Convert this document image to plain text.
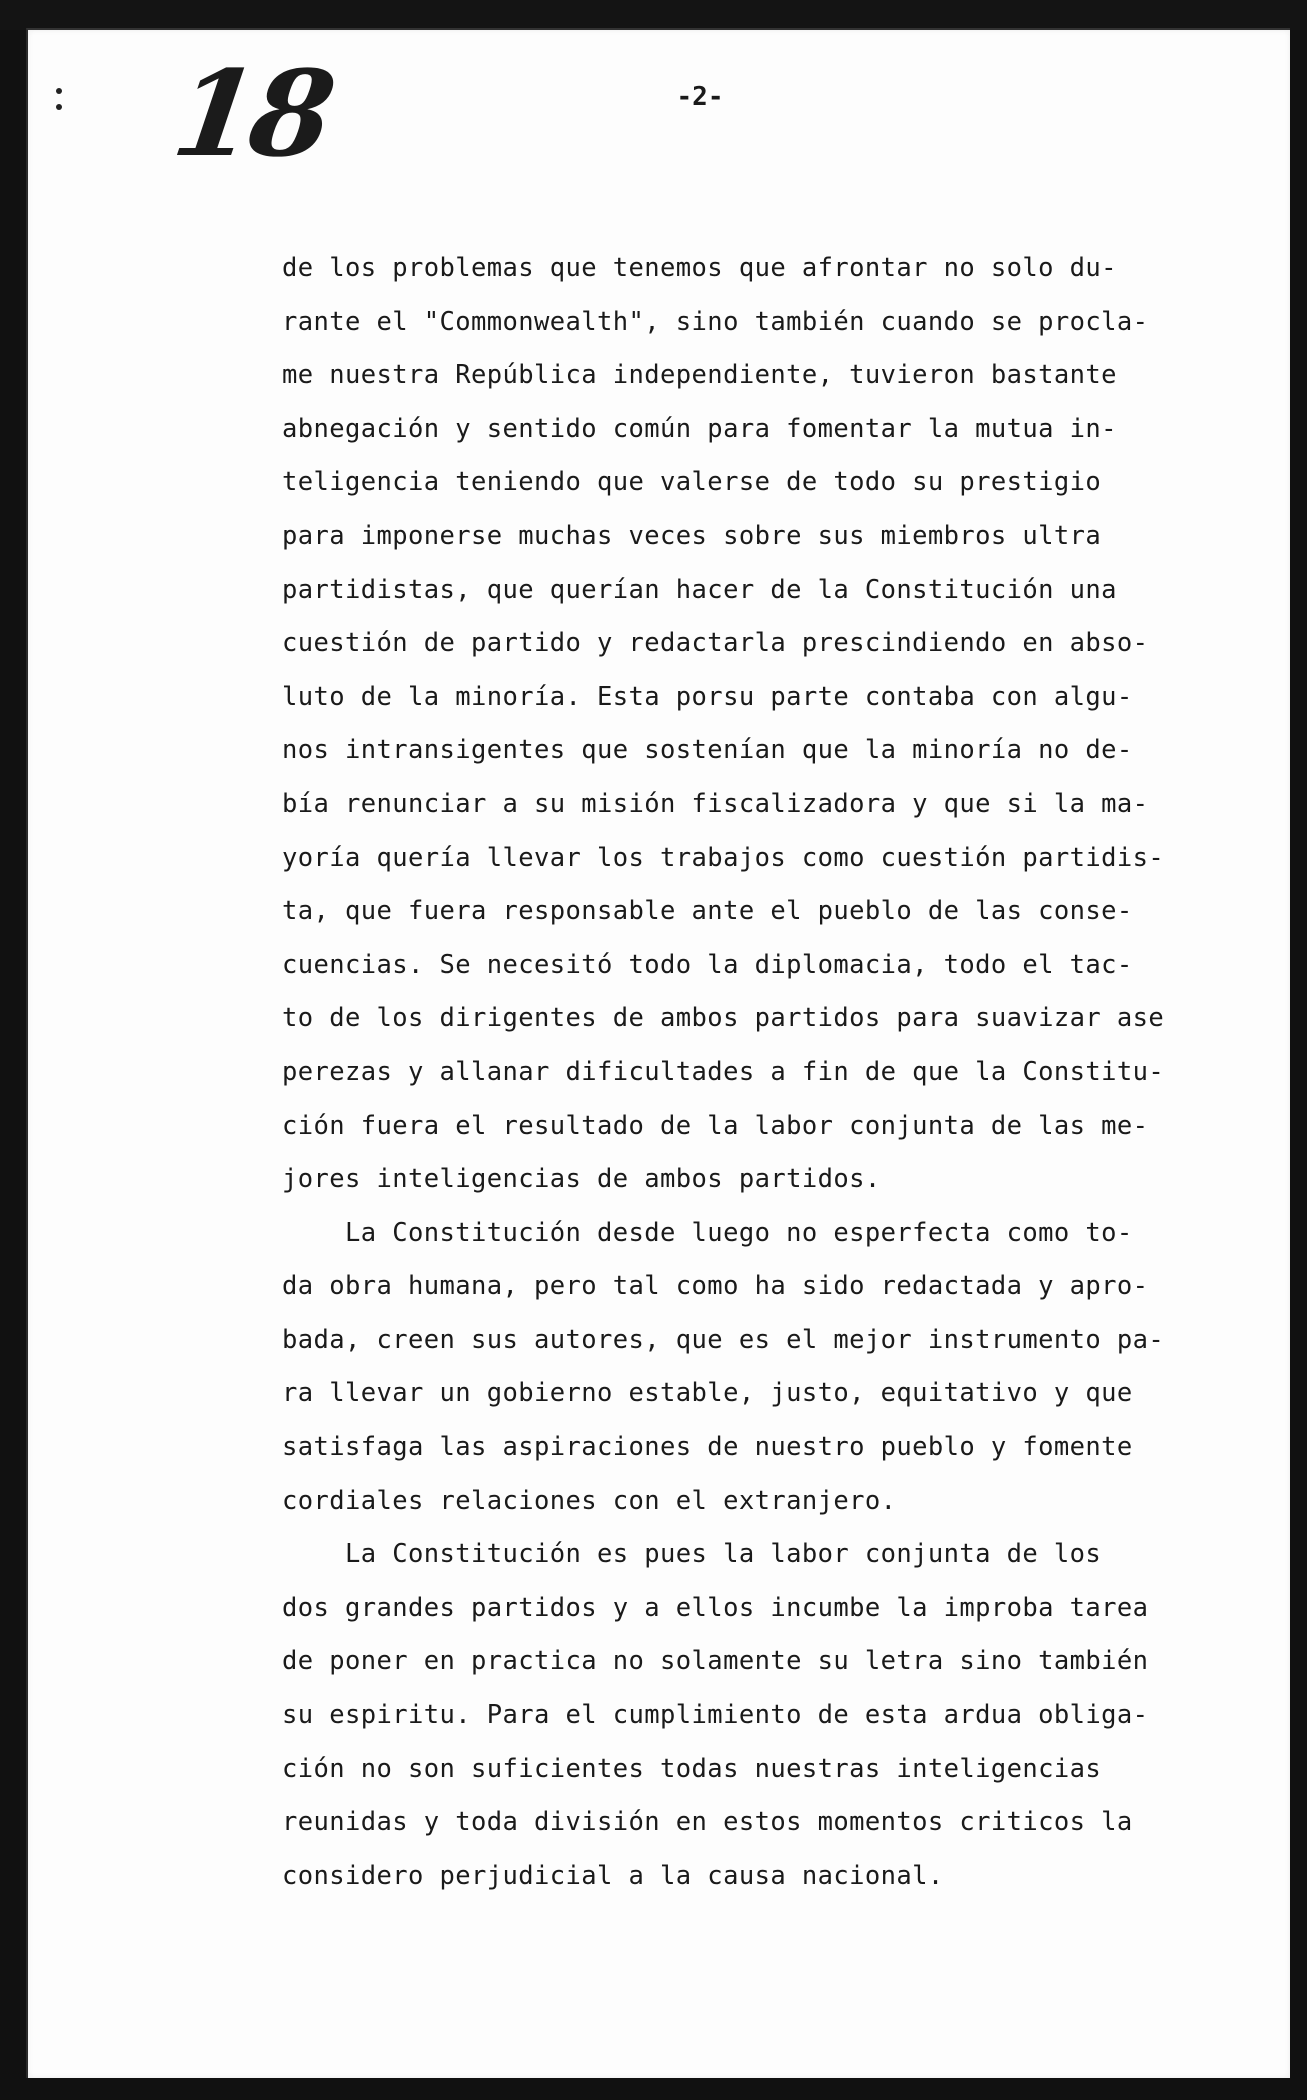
18	-2-
de los problemas que tenemos que afrontar no solo du-
rante el "Commonwealth", sino también cuando se procla-
me nuestra República independiente, tuvieron bastante
abnegación y sentido común para fomentar la mutua in-
teligencia teniendo que valerse de todo su prestigio
para imponerse muchas veces sobre sus miembros ultra
partidistas, que querían hacer de la Constitución una
cuestión de partido y redactarla prescindiendo en abso-
luto de la minoría. Esta porsu parte contaba con algu-
nos intransigentes que sostenían que la minoría no de-
bía renunciar a su misión fiscalizadora y que si la ma-
yoría quería llevar los trabajos como cuestión partidis-
ta, que fuera responsable ante el pueblo de las conse-
cuencias. Se necesitó todo la diplomacia, todo el tac-
to de los dirigentes de ambos partidos para suavizar ase
perezas y allanar dificultades a fin de que la Constitu-
ción fuera el resultado de la labor conjunta de las me-
jores inteligencias de ambos partidos.
La Constitución desde luego no esperfecta como to-
da obra humana, pero tal como ha sido redactada y apro-
bada, creen sus autores, que es el mejor instrumento pa-
ra llevar un gobierno estable, justo, equitativo y que
satisfaga las aspiraciones de nuestro pueblo y fomente
cordiales relaciones con el extranjero.
La Constitución es pues la labor conjunta de los
dos grandes partidos y a ellos incumbe la improba tarea
de poner en practica no solamente su letra sino también
su espiritu. Para el cumplimiento de esta ardua obliga-
ción no son suficientes todas nuestras inteligencias
reunidas y toda división en estos momentos criticos la
considero perjudicial a la causa nacional.
